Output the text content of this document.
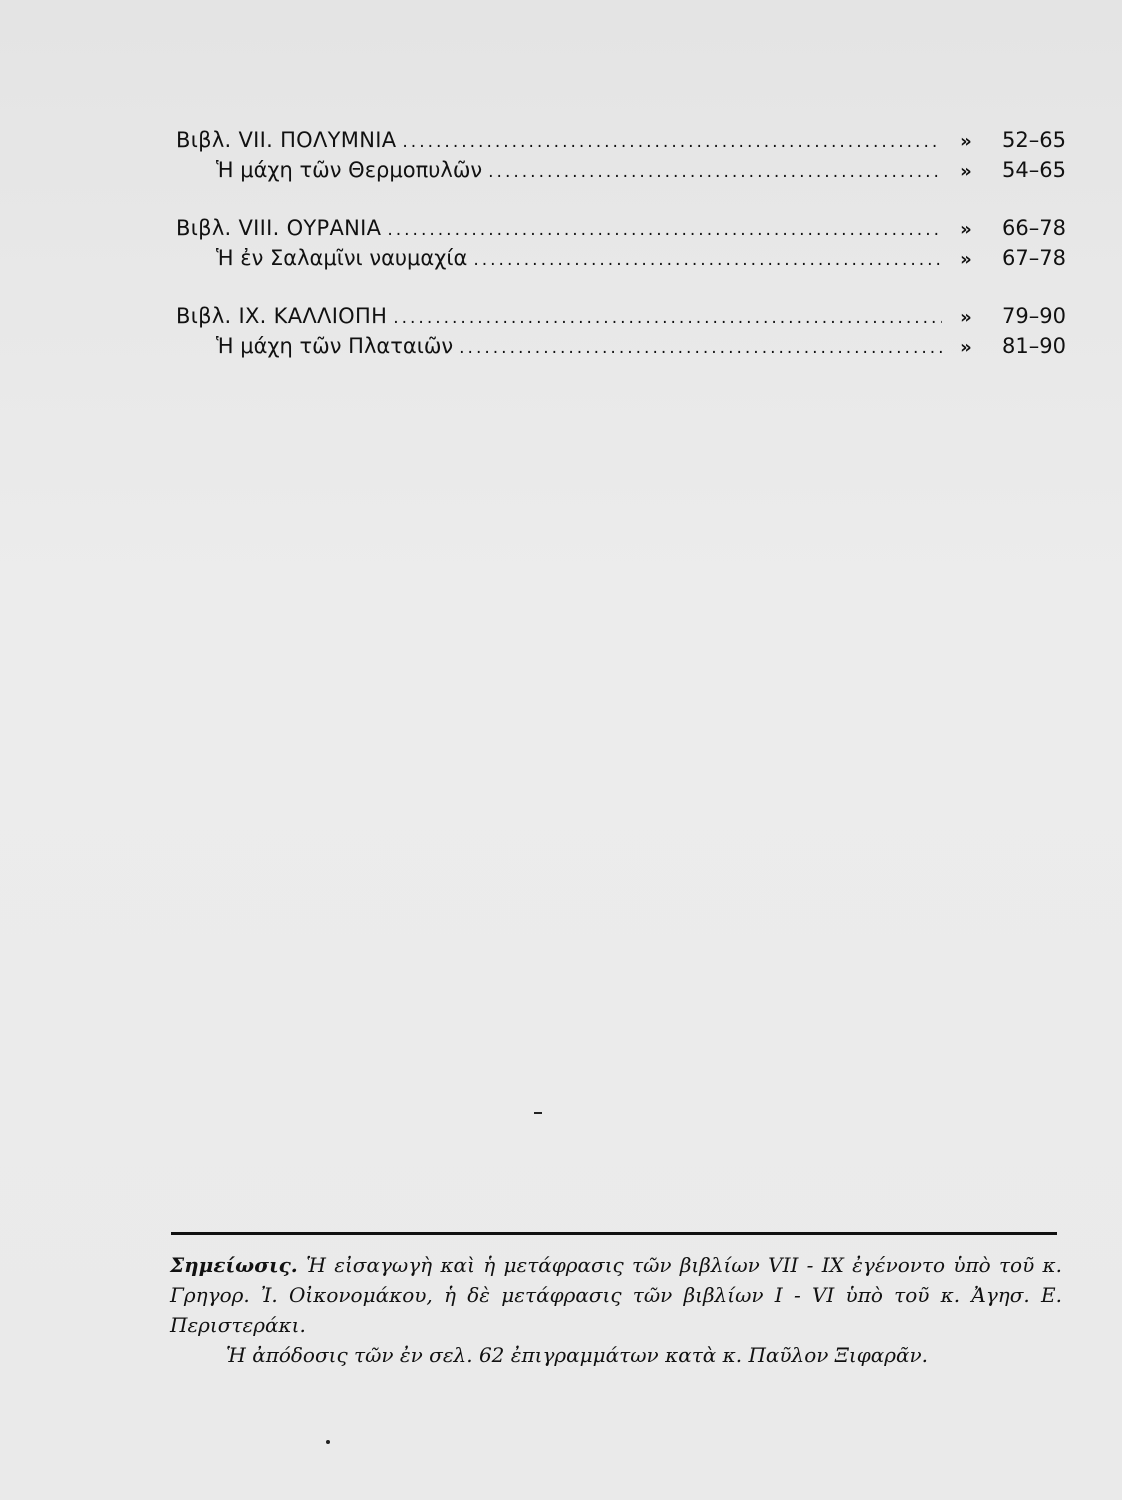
Βιβλ. VII. ΠΟΛΥΜΝΙΑ .....	»	52–65
Ἡ μάχη τῶν Θερμοπυλῶν .....	»	54–65
Βιβλ. VIII. ΟΥΡΑΝΙΑ .....	»	66–78
Ἡ ἐν Σαλαμῖνι ναυμαχία .....	»	67–78
Βιβλ. IX. ΚΑΛΛΙΟΠΗ .....	»	79–90
Ἡ μάχη τῶν Πλαταιῶν .....	»	81–90

Σημείωσις. Ἡ εἰσαγωγὴ καὶ ἡ μετάφρασις τῶν βιβλίων VII - IX ἐγένοντο ὑπὸ τοῦ κ. Γρηγορ. Ἰ. Οἰκονομάκου, ἡ δὲ μετάφρασις τῶν βιβλίων I - VI ὑπὸ τοῦ κ. Ἀγησ. Ε. Περιστεράκι.

Ἡ ἀπόδοσις τῶν ἐν σελ. 62 ἐπιγραμμάτων κατὰ κ. Παῦλον Ξιφαρᾶν.
